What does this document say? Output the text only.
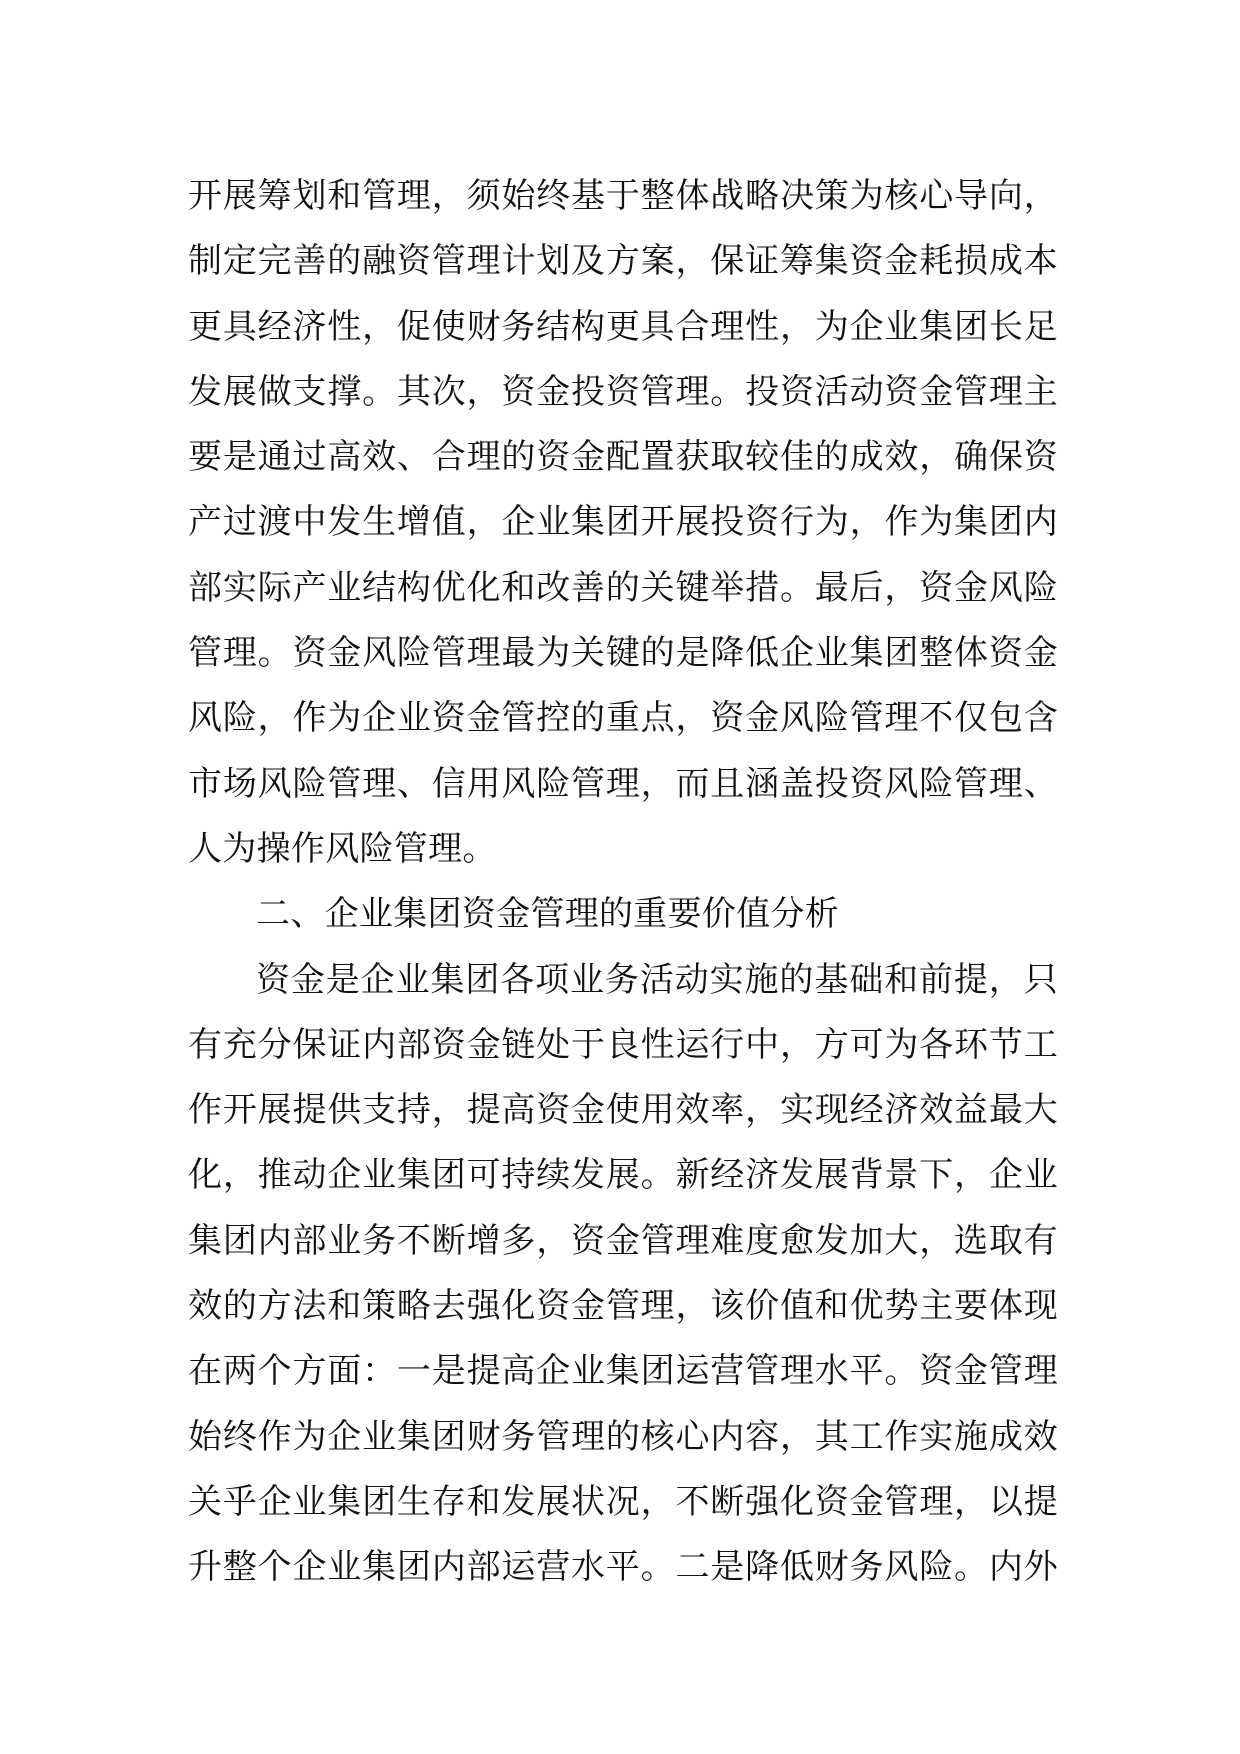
开展筹划和管理，须始终基于整体战略决策为核心导向，
制定完善的融资管理计划及方案，保证筹集资金耗损成本
更具经济性，促使财务结构更具合理性，为企业集团长足
发展做支撑。其次，资金投资管理。投资活动资金管理主
要是通过高效、合理的资金配置获取较佳的成效，确保资
产过渡中发生增值，企业集团开展投资行为，作为集团内
部实际产业结构优化和改善的关键举措。最后，资金风险
管理。资金风险管理最为关键的是降低企业集团整体资金
风险，作为企业资金管控的重点，资金风险管理不仅包含
市场风险管理、信用风险管理，而且涵盖投资风险管理、
人为操作风险管理。
二、企业集团资金管理的重要价值分析
资金是企业集团各项业务活动实施的基础和前提，只
有充分保证内部资金链处于良性运行中，方可为各环节工
作开展提供支持，提高资金使用效率，实现经济效益最大
化，推动企业集团可持续发展。新经济发展背景下，企业
集团内部业务不断增多，资金管理难度愈发加大，选取有
效的方法和策略去强化资金管理，该价值和优势主要体现
在两个方面：一是提高企业集团运营管理水平。资金管理
始终作为企业集团财务管理的核心内容，其工作实施成效
关乎企业集团生存和发展状况，不断强化资金管理，以提
升整个企业集团内部运营水平。二是降低财务风险。内外
